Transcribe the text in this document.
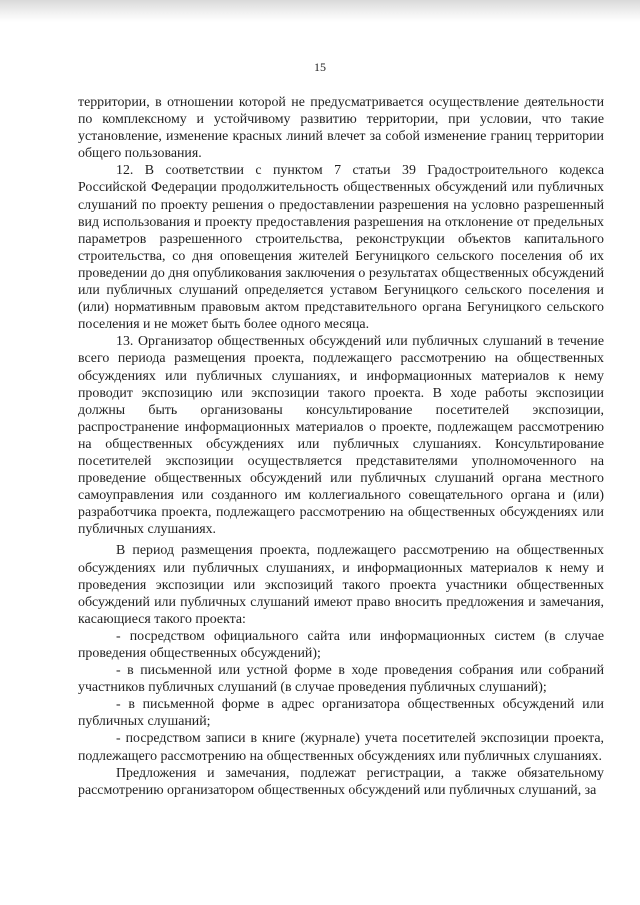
15

территории, в отношении которой не предусматривается осуществление деятельности по комплексному и устойчивому развитию территории, при условии, что такие установление, изменение красных линий влечет за собой изменение границ территории общего пользования.

12. В соответствии с пунктом 7 статьи 39 Градостроительного кодекса Российской Федерации продолжительность общественных обсуждений или публичных слушаний по проекту решения о предоставлении разрешения на условно разрешенный вид использования и проекту предоставления разрешения на отклонение от предельных параметров разрешенного строительства, реконструкции объектов капитального строительства, со дня оповещения жителей Бегуницкого сельского поселения об их проведении до дня опубликования заключения о результатах общественных обсуждений или публичных слушаний определяется уставом Бегуницкого сельского поселения и (или) нормативным правовым актом представительного органа Бегуницкого сельского поселения и не может быть более одного месяца.

13. Организатор общественных обсуждений или публичных слушаний в течение всего периода размещения проекта, подлежащего рассмотрению на общественных обсуждениях или публичных слушаниях, и информационных материалов к нему проводит экспозицию или экспозиции такого проекта. В ходе работы экспозиции должны быть организованы консультирование посетителей экспозиции, распространение информационных материалов о проекте, подлежащем рассмотрению на общественных обсуждениях или публичных слушаниях. Консультирование посетителей экспозиции осуществляется представителями уполномоченного на проведение общественных обсуждений или публичных слушаний органа местного самоуправления или созданного им коллегиального совещательного органа и (или) разработчика проекта, подлежащего рассмотрению на общественных обсуждениях или публичных слушаниях.

В период размещения проекта, подлежащего рассмотрению на общественных обсуждениях или публичных слушаниях, и информационных материалов к нему и проведения экспозиции или экспозиций такого проекта участники общественных обсуждений или публичных слушаний имеют право вносить предложения и замечания, касающиеся такого проекта:

- посредством официального сайта или информационных систем (в случае проведения общественных обсуждений);

- в письменной или устной форме в ходе проведения собрания или собраний участников публичных слушаний (в случае проведения публичных слушаний);

- в письменной форме в адрес организатора общественных обсуждений или публичных слушаний;

- посредством записи в книге (журнале) учета посетителей экспозиции проекта, подлежащего рассмотрению на общественных обсуждениях или публичных слушаниях.

Предложения и замечания, подлежат регистрации, а также обязательному рассмотрению организатором общественных обсуждений или публичных слушаний, за
